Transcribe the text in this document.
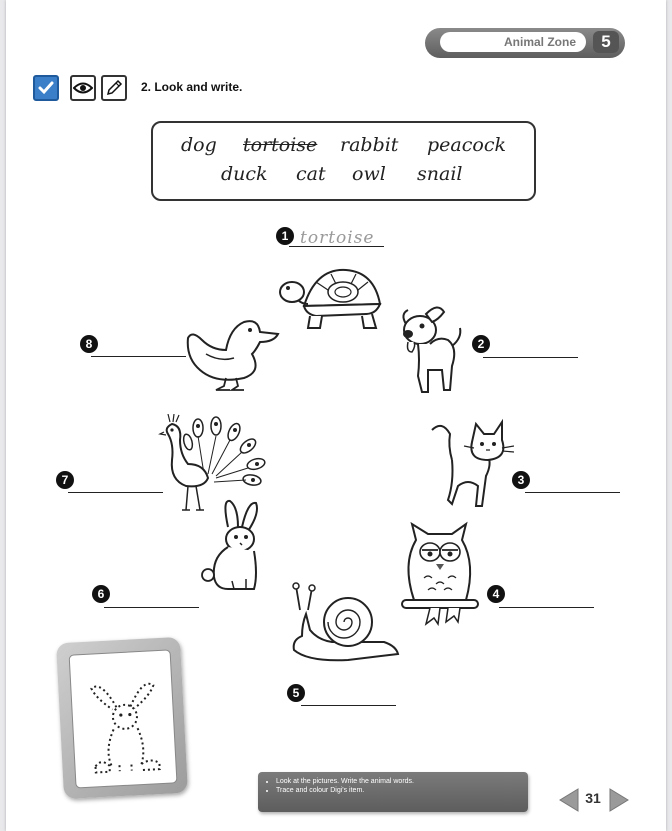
Animal Zone	5
2. Look and write.
dog tortoise rabbit peacock
duck cat owl snail
1 tortoise
2
3
4
5
6
7
8
• Look at the pictures. Write the animal words.
• Trace and colour Digi's item.	31
